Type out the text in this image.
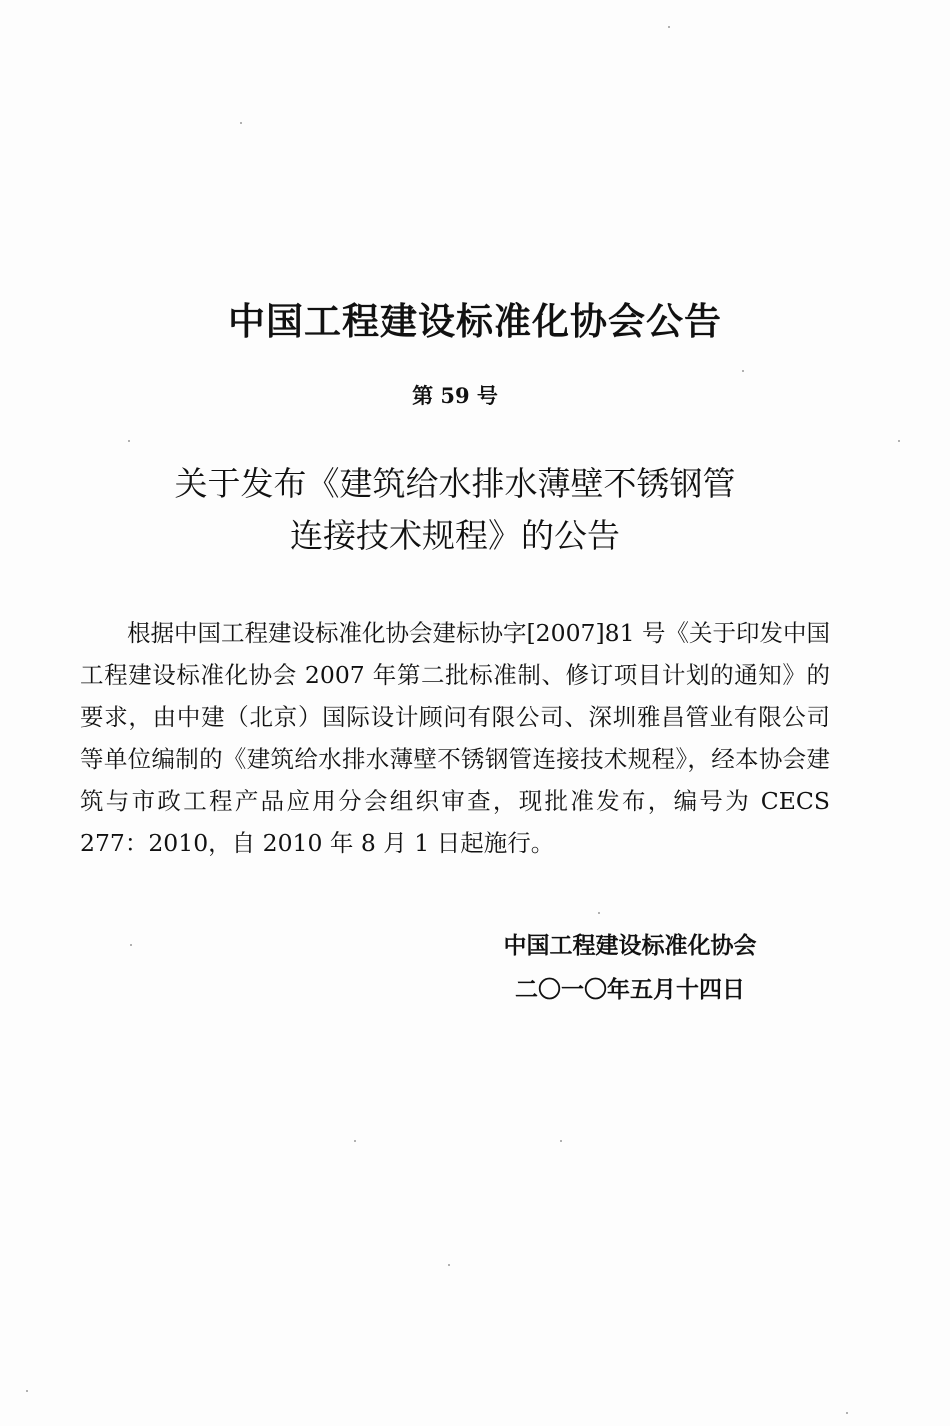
中国工程建设标准化协会公告
第 59 号
关于发布《建筑给水排水薄壁不锈钢管
连接技术规程》的公告

根据中国工程建设标准化协会建标协字[2007]81 号《关于印发中国工程建设标准化协会 2007 年第二批标准制、修订项目计划的通知》的要求，由中建（北京）国际设计顾问有限公司、深圳雅昌管业有限公司等单位编制的《建筑给水排水薄壁不锈钢管连接技术规程》，经本协会建筑与市政工程产品应用分会组织审查，现批准发布，编号为 CECS 277：2010，自 2010 年 8 月 1 日起施行。

中国工程建设标准化协会
二〇一〇年五月十四日
